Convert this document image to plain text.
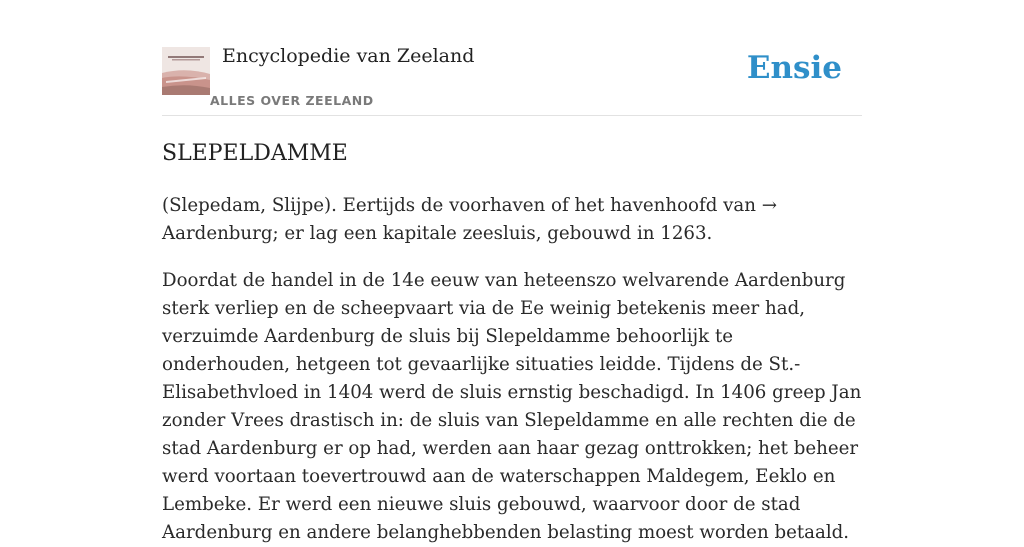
Encyclopedie van Zeeland
ALLES OVER ZEELAND
Ensie
SLEPELDAMME

(Slepedam, Slijpe). Eertijds de voorhaven of het havenhoofd van → Aardenburg; er lag een kapitale zeesluis, gebouwd in 1263.

Doordat de handel in de 14e eeuw van heteenszo welvarende Aardenburg sterk verliep en de scheepvaart via de Ee weinig betekenis meer had, verzuimde Aardenburg de sluis bij Slepeldamme behoorlijk te onderhouden, hetgeen tot gevaarlijke situaties leidde. Tijdens de St.-Elisabethvloed in 1404 werd de sluis ernstig beschadigd. In 1406 greep Jan zonder Vrees drastisch in: de sluis van Slepeldamme en alle rechten die de stad Aardenburg er op had, werden aan haar gezag onttrokken; het beheer werd voortaan toevertrouwd aan de waterschappen Maldegem, Eeklo en Lembeke. Er werd een nieuwe sluis gebouwd, waarvoor door de stad Aardenburg en andere belanghebbenden belasting moest worden betaald.
